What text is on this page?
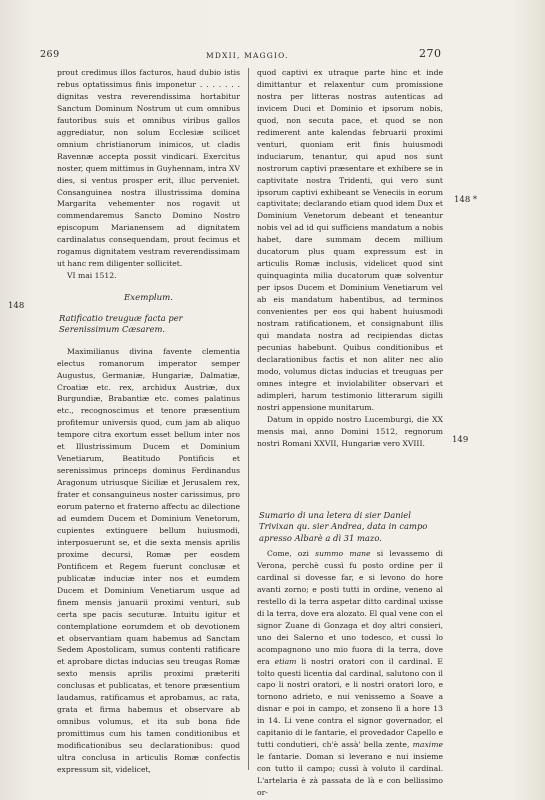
269	MDXII, MAGGIO.	270
148
148 *
149

prout credimus illos facturos, haud dubio istis rebus optatissimus finis imponetur . . . . . . . dignitas vestra reverendissima hortabitur Sanctum Dominum Nostrum ut cum omnibus fautoribus suis et omnibus viribus gallos aggrediatur, non solum Ecclesiæ scilicet omnium christianorum inimicos, ut cladis Ravennæ accepta possit vindicari. Exercitus noster, quem mittimus in Guyhennam, intra XV dies, si ventus prosper erit, illuc perveniet. Consanguinea nostra illustrissima domina Margarita vehementer nos rogavit ut commendaremus Sancto Domino Nostro episcopum Marianensem ad dignitatem cardinalatus consequendam, prout fecimus et rogamus dignitatem vestram reverendissimam ut hanc rem diligenter sollicitet.

VI mai 1512.

Exemplum.
Ratificatio treuguæ facta per Serenissimum Cæsarem.

Maximilianus divina favente clementia electus romanorum imperator semper Augustus, Germaniæ, Hungariæ, Dalmatiæ, Croatiæ etc. rex, archidux Austriæ, dux Burgundiæ, Brabantiæ etc. comes palatinus etc., recognoscimus et tenore præsentium profitemur universis quod, cum jam ab aliquo tempore citra exortum esset bellum inter nos et Illustrissimum Ducem et Dominium Venetiarum, Beatitudo Pontificis et serenissimus princeps dominus Ferdinandus Aragonum utriusque Siciliæ et Jerusalem rex, frater et consanguineus noster carissimus, pro eorum paterno et fraterno affectu ac dilectione ad eumdem Ducem et Dominium Venetorum, cupientes extinguere bellum huiusmodi, interposuerunt se, et die sexta mensis aprilis proxime decursi, Romæ per eosdem Pontificem et Regem fuerunt conclusæ et publicatæ induciæ inter nos et eumdem Ducem et Dominium Venetiarum usque ad finem mensis januarii proximi venturi, sub certa spe pacis secuturæ. Intuitu igitur et contemplatione eorumdem et ob devotionem et observantiam quam habemus ad Sanctam Sedem Apostolicam, sumus contenti ratificare et aprobare dictas inducias seu treugas Romæ sexto mensis aprilis proximi præteriti conclusas et publicatas, et tenore præsentium laudamus, ratificamus et aprobamus, ac rata, grata et firma habemus et observare ab omnibus volumus, et ita sub bona fide promittimus cum his tamen conditionibus et modificationibus seu declarationibus: quod ultra conclusa in articulis Romæ confectis expressum sit, videlicet,

quod captivi ex utraque parte hinc et inde dimittantur et relaxentur cum promissione nostra per litteras nostras autenticas ad invicem Duci et Dominio et ipsorum nobis, quod, non secuta pace, et quod se non redimerent ante kalendas februarii proximi venturi, quoniam erit finis huiusmodi induciarum, tenantur, qui apud nos sunt nostrorum captivi præsentare et exhibere se in captivitate nostra Tridenti, qui vero sunt ipsorum captivi exhibeant se Veneciis in eorum captivitate; declarando etiam quod idem Dux et Dominium Venetorum debeant et teneantur nobis vel ad id qui sufficiens mandatum a nobis habet, dare summam decem millium ducatorum plus quam expressum est in articulis Romæ inclusis, videlicet quod sint quinquaginta milia ducatorum quæ solventur per ipsos Ducem et Dominium Venetiarum vel ab eis mandatum habentibus, ad terminos convenientes per eos qui habent huiusmodi nostram ratificationem, et consignabunt illis qui mandata nostra ad recipiendas dictas pecunias habebunt. Quibus conditionibus et declarationibus factis et non aliter nec alio modo, volumus dictas inducias et treuguas per omnes integre et inviolabiliter observari et adimpleri, harum testimonio litterarum sigilli nostri appensione munitarum.

Datum in oppido nostro Lucemburgi, die XX mensis mai, anno Domini 1512, regnorum nostri Romani XXVII, Hungariæ vero XVIII.

Sumario di una letera di sier Daniel Trivixan qu. sier Andrea, data in campo apresso Albarè a dì 31 mazo.

Come, ozi summo mane si levassemo di Verona, perchè cussì fu posto ordine per il cardinal si dovesse far, e si levono do hore avanti zorno; e posti tutti in ordine, veneno al restello di la terra aspetar ditto cardinal uxisse di la terra, dove era alozato. El qual vene con el signor Zuane di Gonzaga et doy altri consieri, uno dei Salerno et uno todesco, et cussì lo acompagnono uno mio fuora di la terra, dove era etiam li nostri oratori con il cardinal. E tolto questi licentia dal cardinal, salutono con il capo li nostri oratori, e li nostri oratori loro, e tornono adrieto, e nui venissemo a Soave a disnar e poi in campo, et zonseno lì a hore 13 in 14. Li vene contra el signor governador, el capitanio di le fantarie, el provedador Capello e tutti condutieri, ch'è assà' bella zente, maxime le fantarie. Doman si leverano e nui insieme con tutto il campo; cussì à voluto il cardinal. L'artelaria è zà passata de là e con bellissimo or-
